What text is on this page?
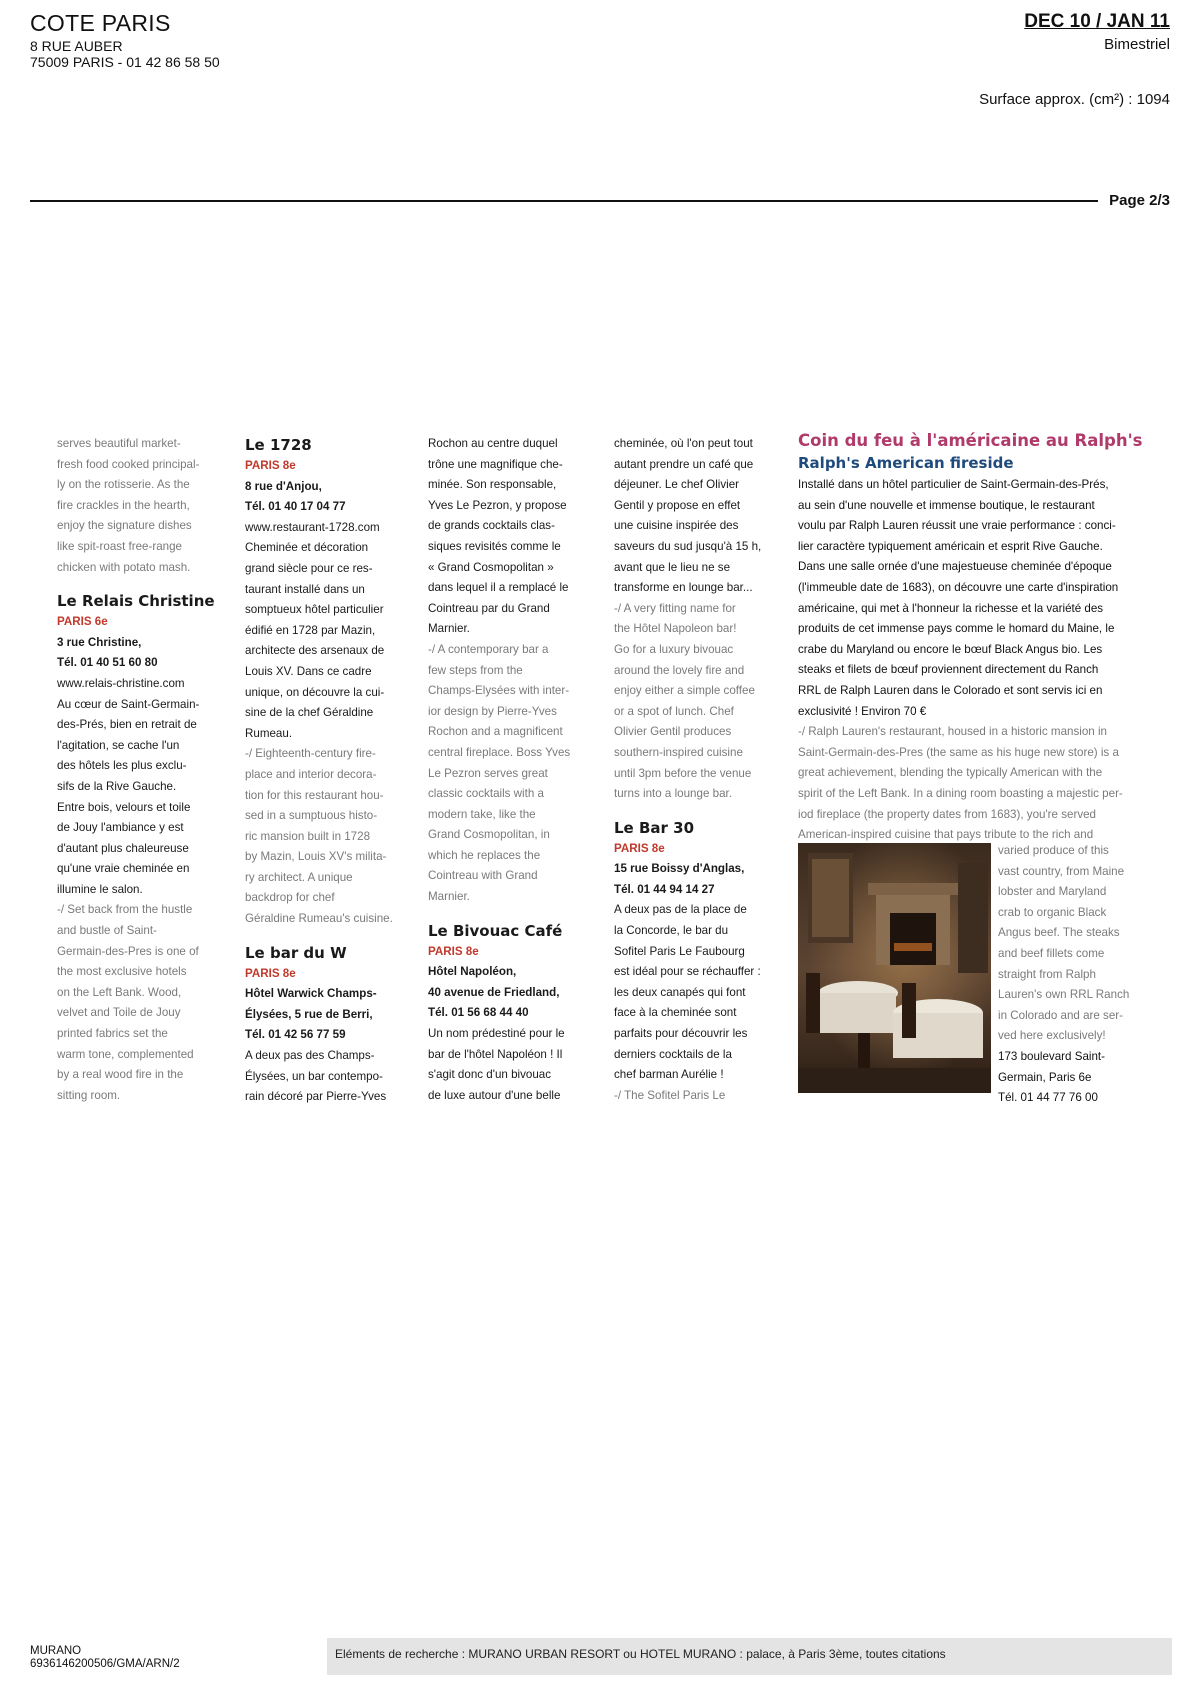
COTE PARIS
8 RUE AUBER
75009 PARIS - 01 42 86 58 50
DEC 10 / JAN 11
Bimestriel
Surface approx. (cm²) : 1094
Page 2/3
serves beautiful market-
fresh food cooked principal-
ly on the rotisserie. As the
fire crackles in the hearth,
enjoy the signature dishes
like spit-roast free-range
chicken with potato mash.
Le Relais Christine
PARIS 6e
3 rue Christine,
Tél. 01 40 51 60 80
www.relais-christine.com
Au cœur de Saint-Germain-
des-Prés, bien en retrait de
l'agitation, se cache l'un
des hôtels les plus exclu-
sifs de la Rive Gauche.
Entre bois, velours et toile
de Jouy l'ambiance y est
d'autant plus chaleureuse
qu'une vraie cheminée en
illumine le salon.
-/ Set back from the hustle
and bustle of Saint-
Germain-des-Pres is one of
the most exclusive hotels
on the Left Bank. Wood,
velvet and Toile de Jouy
printed fabrics set the
warm tone, complemented
by a real wood fire in the
sitting room.
Le 1728
PARIS 8e
8 rue d'Anjou,
Tél. 01 40 17 04 77
www.restaurant-1728.com
Cheminée et décoration
grand siècle pour ce res-
taurant installé dans un
somptueux hôtel particulier
édifié en 1728 par Mazin,
architecte des arsenaux de
Louis XV. Dans ce cadre
unique, on découvre la cui-
sine de la chef Géraldine
Rumeau.
-/ Eighteenth-century fire-
place and interior decora-
tion for this restaurant hou-
sed in a sumptuous histo-
ric mansion built in 1728
by Mazin, Louis XV's milita-
ry architect. A unique
backdrop for chef
Géraldine Rumeau's cuisine.
Le bar du W
PARIS 8e
Hôtel Warwick Champs-
Élysées, 5 rue de Berri,
Tél. 01 42 56 77 59
A deux pas des Champs-
Élysées, un bar contempo-
rain décoré par Pierre-Yves
Rochon au centre duquel
trône une magnifique che-
minée. Son responsable,
Yves Le Pezron, y propose
de grands cocktails clas-
siques revisités comme le
« Grand Cosmopolitan »
dans lequel il a remplacé le
Cointreau par du Grand
Marnier.
-/ A contemporary bar a
few steps from the
Champs-Elysées with inter-
ior design by Pierre-Yves
Rochon and a magnificent
central fireplace. Boss Yves
Le Pezron serves great
classic cocktails with a
modern take, like the
Grand Cosmopolitan, in
which he replaces the
Cointreau with Grand
Marnier.
Le Bivouac Café
PARIS 8e
Hôtel Napoléon,
40 avenue de Friedland,
Tél. 01 56 68 44 40
Un nom prédestiné pour le
bar de l'hôtel Napoléon ! Il
s'agit donc d'un bivouac
de luxe autour d'une belle
cheminée, où l'on peut tout
autant prendre un café que
déjeuner. Le chef Olivier
Gentil y propose en effet
une cuisine inspirée des
saveurs du sud jusqu'à 15 h,
avant que le lieu ne se
transforme en lounge bar...
-/ A very fitting name for
the Hôtel Napoleon bar!
Go for a luxury bivouac
around the lovely fire and
enjoy either a simple coffee
or a spot of lunch. Chef
Olivier Gentil produces
southern-inspired cuisine
until 3pm before the venue
turns into a lounge bar.
Le Bar 30
PARIS 8e
15 rue Boissy d'Anglas,
Tél. 01 44 94 14 27
A deux pas de la place de
la Concorde, le bar du
Sofitel Paris Le Faubourg
est idéal pour se réchauffer :
les deux canapés qui font
face à la cheminée sont
parfaits pour découvrir les
derniers cocktails de la
chef barman Aurélie !
-/ The Sofitel Paris Le
Coin du feu à l'américaine au Ralph's
Ralph's American fireside
Installé dans un hôtel particulier de Saint-Germain-des-Prés,
au sein d'une nouvelle et immense boutique, le restaurant
voulu par Ralph Lauren réussit une vraie performance : conci-
lier caractère typiquement américain et esprit Rive Gauche.
Dans une salle ornée d'une majestueuse cheminée d'époque
(l'immeuble date de 1683), on découvre une carte d'inspiration
américaine, qui met à l'honneur la richesse et la variété des
produits de cet immense pays comme le homard du Maine, le
crabe du Maryland ou encore le bœuf Black Angus bio. Les
steaks et filets de bœuf proviennent directement du Ranch
RRL de Ralph Lauren dans le Colorado et sont servis ici en
exclusivité ! Environ 70 €
-/ Ralph Lauren's restaurant, housed in a historic mansion in
Saint-Germain-des-Pres (the same as his huge new store) is a
great achievement, blending the typically American with the
spirit of the Left Bank. In a dining room boasting a majestic per-
iod fireplace (the property dates from 1683), you're served
American-inspired cuisine that pays tribute to the rich and
varied produce of this
vast country, from Maine
lobster and Maryland
crab to organic Black
Angus beef. The steaks
and beef fillets come
straight from Ralph
Lauren's own RRL Ranch
in Colorado and are ser-
ved here exclusively!
173 boulevard Saint-
Germain, Paris 6e
Tél. 01 44 77 76 00
MURANO
6936146200506/GMA/ARN/2
Eléments de recherche : MURANO URBAN RESORT ou HOTEL MURANO : palace, à Paris 3ème, toutes citations
